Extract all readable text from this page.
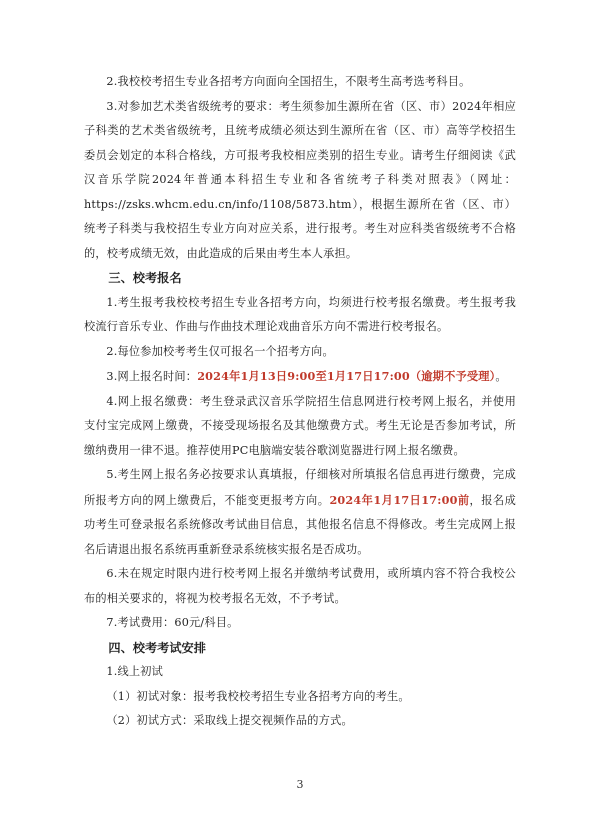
2.我校校考招生专业各招考方向面向全国招生，不限考生高考选考科目。

3.对参加艺术类省级统考的要求：考生须参加生源所在省（区、市）2024年相应子科类的艺术类省级统考，且统考成绩必须达到生源所在省（区、市）高等学校招生委员会划定的本科合格线，方可报考我校相应类别的招生专业。请考生仔细阅读《武汉音乐学院2024年普通本科招生专业和各省统考子科类对照表》（网址：https://zsks.whcm.edu.cn/info/1108/5873.htm），根据生源所在省（区、市）统考子科类与我校招生专业方向对应关系，进行报考。考生对应科类省级统考不合格的，校考成绩无效，由此造成的后果由考生本人承担。

三、校考报名

1.考生报考我校校考招生专业各招考方向，均须进行校考报名缴费。考生报考我校流行音乐专业、作曲与作曲技术理论戏曲音乐方向不需进行校考报名。

2.每位参加校考考生仅可报名一个招考方向。

3.网上报名时间：2024年1月13日9:00至1月17日17:00（逾期不予受理）。

4.网上报名缴费：考生登录武汉音乐学院招生信息网进行校考网上报名，并使用支付宝完成网上缴费，不接受现场报名及其他缴费方式。考生无论是否参加考试，所缴纳费用一律不退。推荐使用PC电脑端安装谷歌浏览器进行网上报名缴费。

5.考生网上报名务必按要求认真填报，仔细核对所填报名信息再进行缴费，完成所报考方向的网上缴费后，不能变更报考方向。2024年1月17日17:00前，报名成功考生可登录报名系统修改考试曲目信息，其他报名信息不得修改。考生完成网上报名后请退出报名系统再重新登录系统核实报名是否成功。

6.未在规定时限内进行校考网上报名并缴纳考试费用，或所填内容不符合我校公布的相关要求的，将视为校考报名无效，不予考试。

7.考试费用：60元/科目。

四、校考考试安排

1.线上初试

（1）初试对象：报考我校校考招生专业各招考方向的考生。

（2）初试方式：采取线上提交视频作品的方式。

3
